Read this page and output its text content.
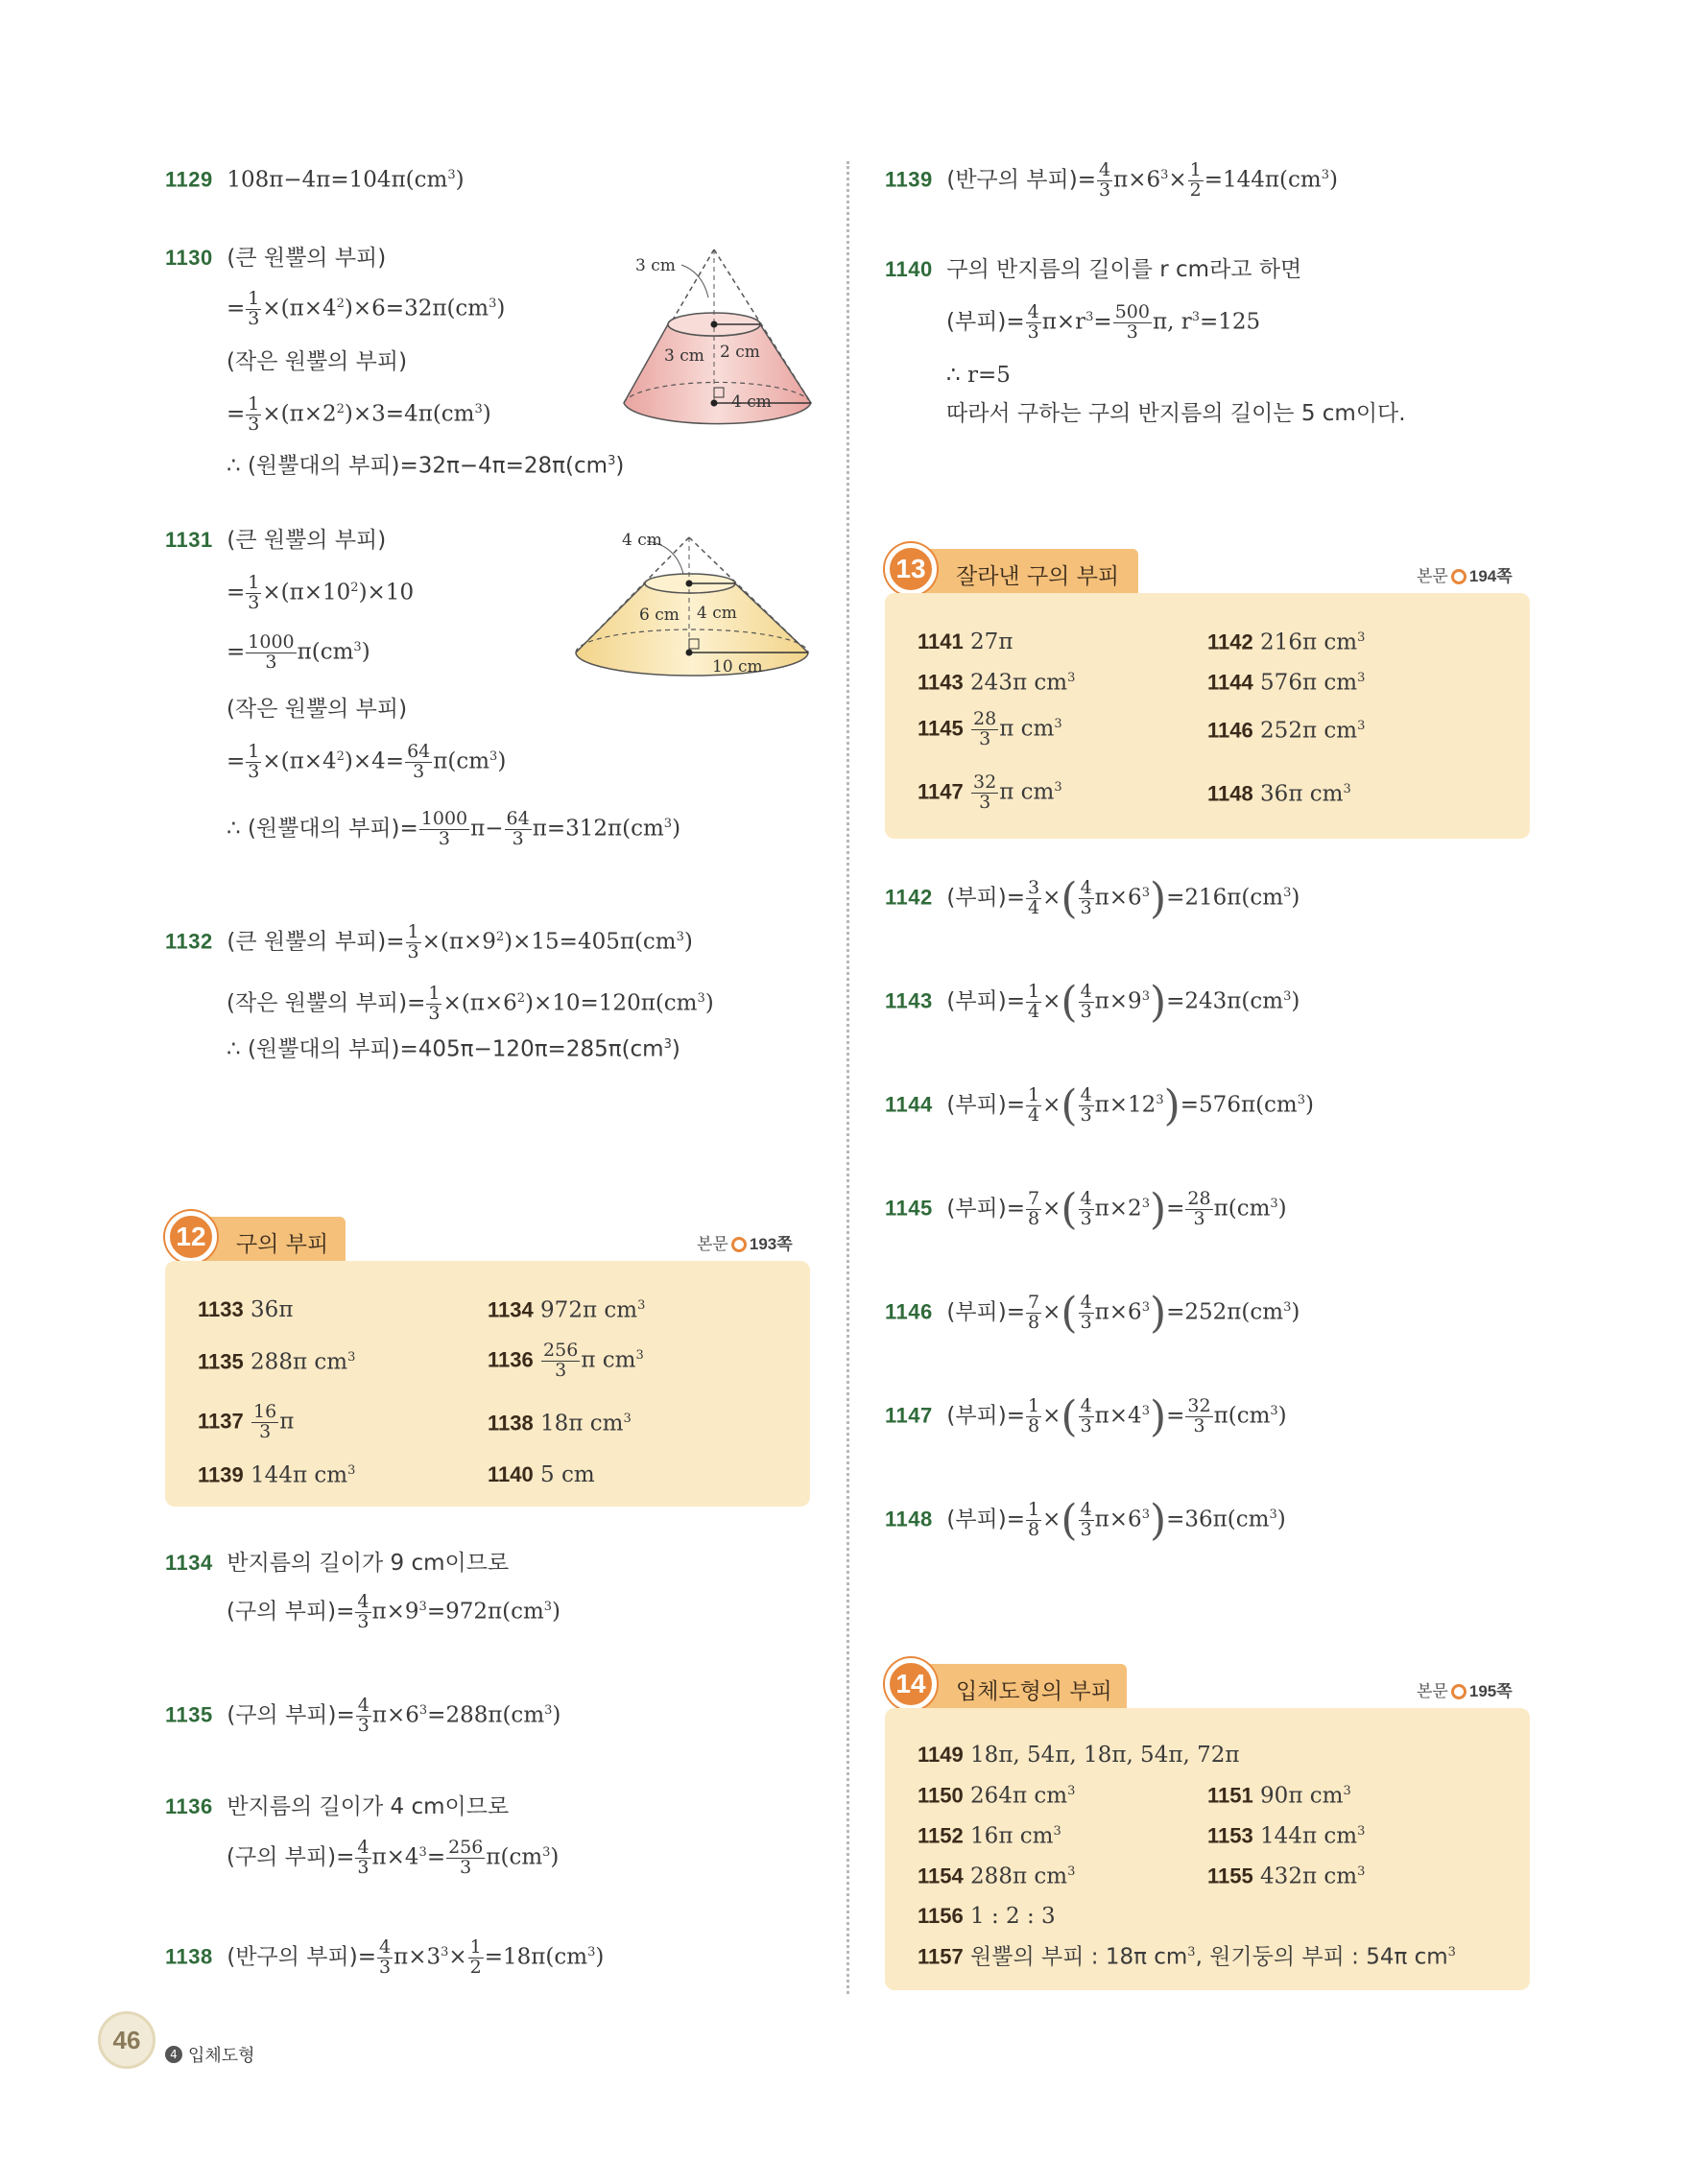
1129 $108\pi-4\pi=104\pi(cm^3)$
1130 (큰 원뿔의 부피)
= $\frac{1}{3} \times(\pi\times 4^2)\times 6=32\pi(cm^3)$
(작은 원뿔의 부피)
= $\frac{1}{3} \times(\pi\times 2^2)\times 3=4\pi(cm^3)$
∴ (원뿔대의 부피)$=32\pi-4\pi=28\pi(cm^3)$
3 cm
3 cm 2 cm
4 cm
1131 (큰 원뿔의 부피)
= $\frac{1}{3} \times(\pi\times 10^2)\times 10$
= $\frac{1000}{3} \pi(cm^3)$
(작은 원뿔의 부피)
= $\frac{1}{3} \times(\pi\times 4^2)\times 4= \frac{64}{3} \pi(cm^3)$
∴ (원뿔대의 부피)= $\frac{1000}{3} \pi- \frac{64}{3} \pi=312\pi(cm^3)$
4 cm
6 cm 4 cm
10 cm
1132 (큰 원뿔의 부피)= $\frac{1}{3} \times(\pi\times 9^2)\times 15=405\pi(cm^3)$
(작은 원뿔의 부피)= $\frac{1}{3} \times(\pi\times 6^2)\times 10=120\pi(cm^3)$
∴ (원뿔대의 부피)$=405\pi-120\pi=285\pi(cm^3)$
12	구의 부피	본문 193쪽
1133 36π	1134 972π $cm^3$
1135 288π $cm^3$	$1136 \frac{256}{3}$ π $cm^3$
$1137 \frac{16}{3}$ π	1138 18π $cm^3$
1139 144π $cm^3$	1140 5 cm
1134 반지름의 길이가 9 cm이므로
(구의 부피)= $\frac{4}{3} \pi\times 9^3=972\pi(cm^3)$
1135 (구의 부피)= $\frac{4}{3} \pi\times 6^3=288\pi(cm^3)$
1136 반지름의 길이가 4 cm이므로
(구의 부피)= $\frac{4}{3} \pi\times 4^3= \frac{256}{3} \pi(cm^3)$
1138 (반구의 부피)= $\frac{4}{3} \pi\times 3^3\times \frac{1}{2} =18\pi(cm^3)$
1139 (반구의 부피)= $\frac{4}{3} \pi\times 6^3\times \frac{1}{2} =144\pi(cm^3)$
1140 구의 반지름의 길이를 r cm라고 하면
(부피)= $\frac{4}{3} \pi\times r^3= \frac{500}{3} \pi$, $r^3=125$
∴ r=5
따라서 구하는 구의 반지름의 길이는 5 cm이다.
13	잘라낸 구의 부피	본문 194쪽
1141 27π	1142 216π $cm^3$
1143 243π $cm^3$	1144 576π $cm^3$
$1145 \frac{28}{3}$ π $cm^3$	1146 252π $cm^3$
$1147 \frac{32}{3}$ π $cm^3$	1148 36π $cm^3$
1142 (부피)= $\frac{3}{4}$ ×( $\frac{4}{3} \pi\times 6^3)=216\pi(cm^3)$
1143 (부피)= $\frac{1}{4}$ ×( $\frac{4}{3} \pi\times 9^3)=243\pi(cm^3)$
1144 (부피)= $\frac{1}{4}$ ×( $\frac{4}{3} \pi\times 12^3)=576\pi(cm^3)$
1145 (부피)= $\frac{7}{8}$ ×( $\frac{4}{3} \pi\times 2^3)= \frac{28}{3} \pi(cm^3)$
1146 (부피)= $\frac{7}{8}$ ×( $\frac{4}{3} \pi\times 6^3)=252\pi(cm^3)$
1147 (부피)= $\frac{1}{8}$ ×( $\frac{4}{3} \pi\times 4^3)= \frac{32}{3} \pi(cm^3)$
1148 (부피)= $\frac{1}{8}$ ×( $\frac{4}{3} \pi\times 6^3)=36\pi(cm^3)$
14	입체도형의 부피	본문 195쪽
1149 18π, 54π, 18π, 54π, 72π
1150 264π $cm^3$	1151 90π $cm^3$
1152 16π $cm^3$	1153 144π $cm^3$
1154 288π $cm^3$	1155 432π $cm^3$
1156 1 : 2 : 3
1157 원뿔의 부피 : 18π $cm^3$, 원기둥의 부피 : 54π $cm^3$
46
4 입체도형
